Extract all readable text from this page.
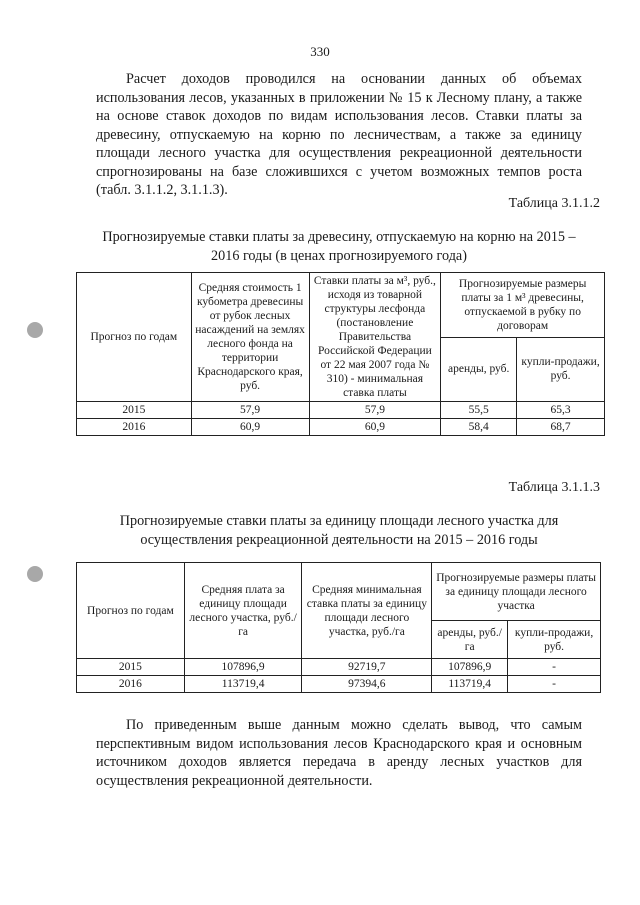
330
Расчет доходов проводился на основании данных об объемах использования лесов, указанных в приложении № 15 к Лесному плану, а также на основе ставок доходов по видам использования лесов. Ставки платы за древесину, отпускаемую на корню по лесничествам, а также за единицу площади лесного участка для осуществления рекреационной деятельности спрогнозированы на базе сложившихся с учетом возможных темпов роста (табл. 3.1.1.2, 3.1.1.3).
Таблица 3.1.1.2
Прогнозируемые ставки платы за древесину, отпускаемую на корню на 2015 – 2016 годы (в ценах прогнозируемого года)
Прогноз по годам	Средняя стоимость 1 кубометра древесины от рубок лесных насаждений на землях лесного фонда на территории Краснодарского края, руб.	Ставки платы за м³, руб., исходя из товарной структуры лесфонда (постановление Правительства Российской Федерации от 22 мая 2007 года № 310) - минимальная ставка платы	Прогнозируемые размеры платы за 1 м³ древесины, отпускаемой в рубку по договорам	
			аренды, руб.	купли-продажи, руб.
2015	57,9	57,9	55,5	65,3
2016	60,9	60,9	58,4	68,7
Таблица 3.1.1.3
Прогнозируемые ставки платы за единицу площади лесного участка для осуществления рекреационной деятельности на 2015 – 2016 годы
Прогноз по годам	Средняя плата за единицу площади лесного участка, руб./га	Средняя минимальная ставка платы за единицу площади лесного участка, руб./га	Прогнозируемые размеры платы за единицу площади лесного участка	
			аренды, руб./га	купли-продажи, руб.
2015	107896,9	92719,7	107896,9	-
2016	113719,4	97394,6	113719,4	-
По приведенным выше данным можно сделать вывод, что самым перспективным видом использования лесов Краснодарского края и основным источником доходов является передача в аренду лесных участков для осуществления рекреационной деятельности.
